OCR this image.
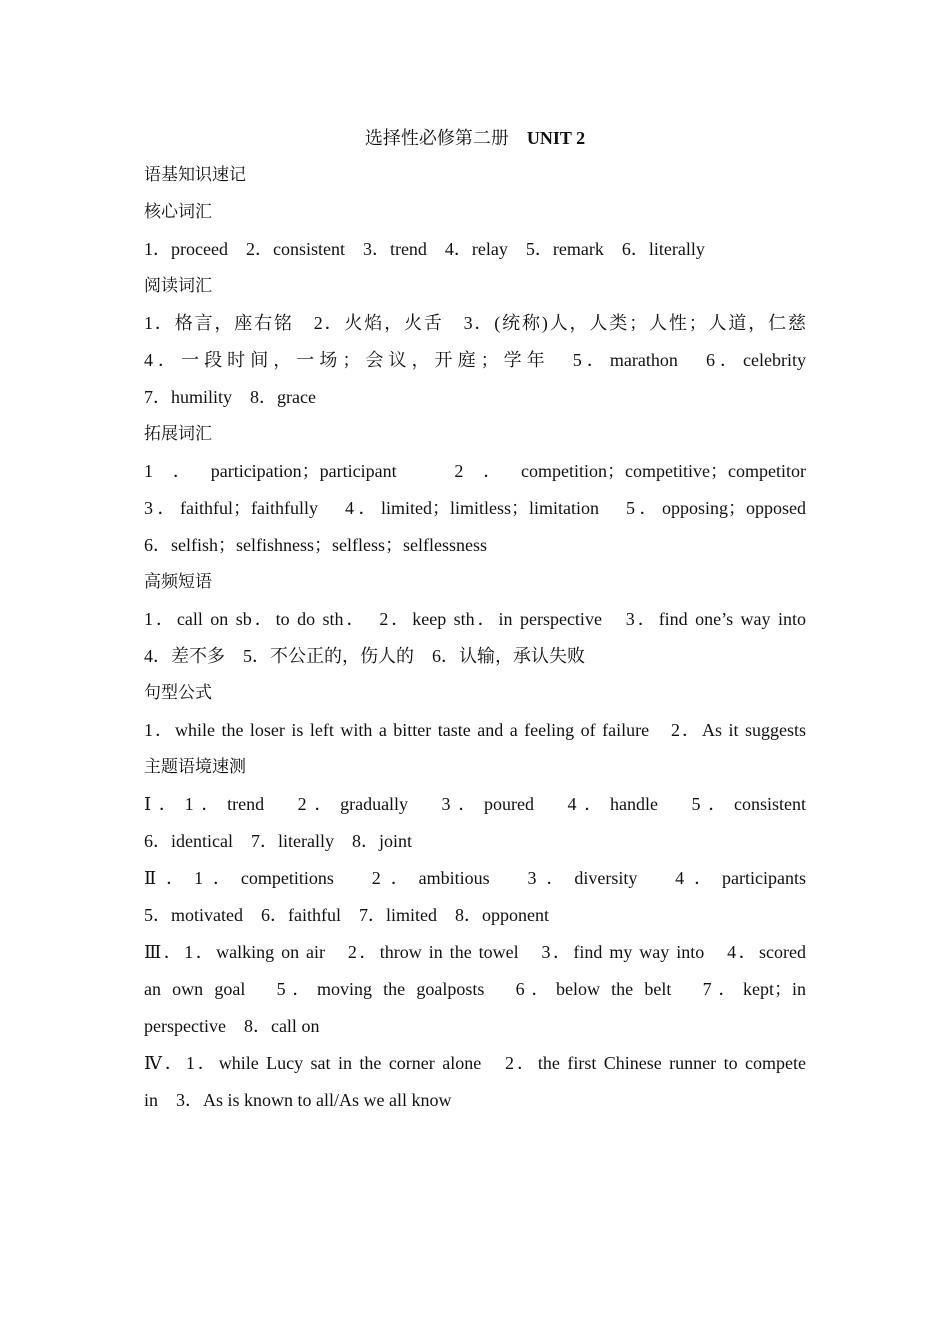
选择性必修第二册　 UNIT 2
语基知识速记
核心词汇
1．proceed　2．consistent　3．trend　4．relay　5．remark　6．literally
阅读词汇
1．格言，座右铭　2．火焰，火舌　3．(统称)人，人类；人性；人道，仁慈
4．一段时间，一场；会议，开庭；学年　5．marathon　6．celebrity
7．humility　8．grace
拓展词汇
1．participation；participant　2．competition；competitive；competitor
3．faithful；faithfully　4．limited；limitless；limitation　5．opposing；opposed
6．selfish；selfishness；selfless；selflessness
高频短语
1．call on sb．to do sth．　2．keep sth．in perspective　3．find one’s way into
4．差不多　5．不公正的，伤人的　6．认输，承认失败
句型公式
1．while the loser is left with a bitter taste and a feeling of failure　2．As it suggests
主题语境速测
Ⅰ．1．trend　2．gradually　3．poured　4．handle　5．consistent
6．identical　7．literally　8．joint
Ⅱ．1．competitions　2．ambitious　3．diversity　4．participants
5．motivated　6．faithful　7．limited　8．opponent
Ⅲ．1．walking on air　2．throw in the towel　3．find my way into　4．scored
an own goal　5．moving the goalposts　6．below the belt　7．kept；in
perspective　8．call on
Ⅳ．1．while Lucy sat in the corner alone　2．the first Chinese runner to compete
in　3．As is known to all/As we all know
